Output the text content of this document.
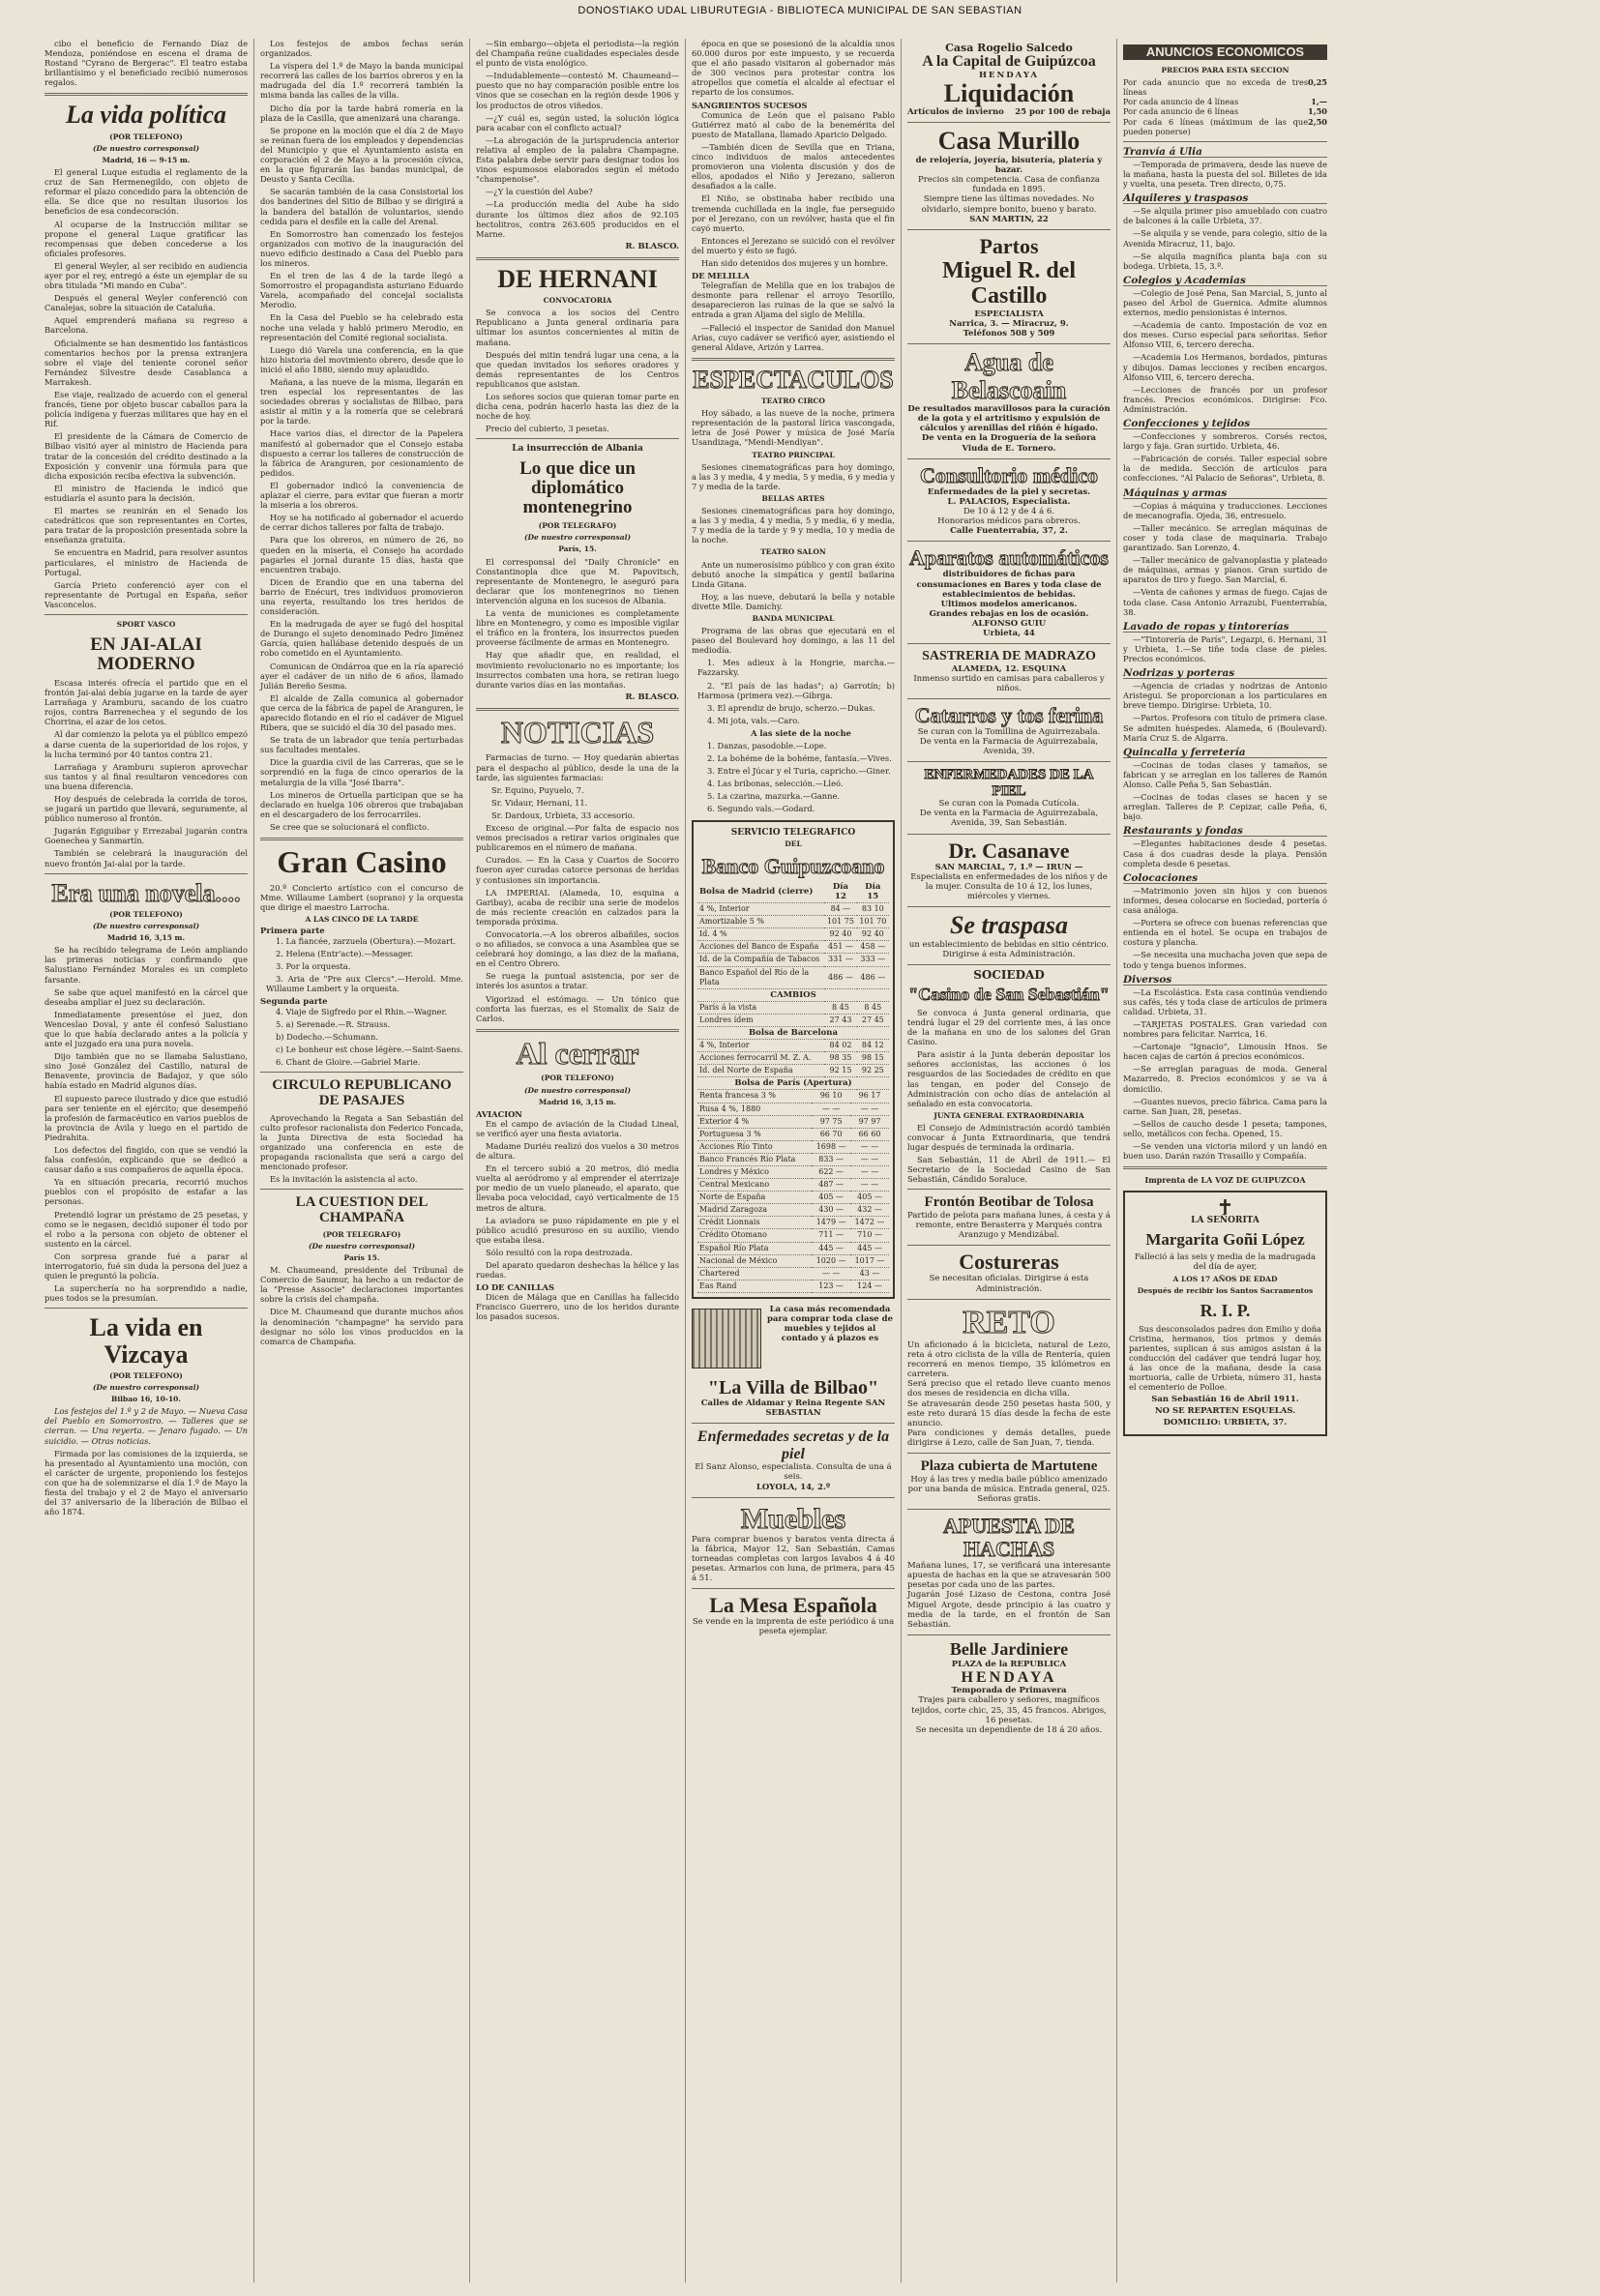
DONOSTIAKO UDAL LIBURUTEGIA - BIBLIOTECA MUNICIPAL DE SAN SEBASTIAN

cibo el beneficio de Fernando Díaz de Mendoza, poniéndose en escena el drama de Rostand "Cyrano de Bergerac". El teatro estaba brillantísimo y el beneficiado recibió numerosos regalos.

La vida política
(POR TELEFONO)
(De nuestro corresponsal)
Madrid, 16 — 9-15 m.

El general Luque estudia el reglamento de la cruz de San Hermenegildo, con objeto de reformar el plazo concedido para la obtención de ella. Se dice que no resultan ilusorios los beneficios de esa condecoración.

Al ocuparse de la Instrucción militar se propone el general Luque gratificar las recompensas que deben concederse a los oficiales profesores.

El general Weyler, al ser recibido en audiencia ayer por el rey, entregó a éste un ejemplar de su obra titulada "Mi mando en Cuba".

Después el general Weyler conferenció con Canalejas, sobre la situación de Cataluña.

Aquel emprenderá mañana su regreso a Barcelona.

Oficialmente se han desmentido los fantásticos comentarios hechos por la prensa extranjera sobre el viaje del teniente coronel señor Fernández Silvestre desde Casablanca a Marrakesh.

Ese viaje, realizado de acuerdo con el general francés, tiene por objeto buscar caballos para la policía indígena y fuerzas militares que hay en el Rif.

El presidente de la Cámara de Comercio de Bilbao visitó ayer al ministro de Hacienda para tratar de la concesión del crédito destinado a la Exposición y convenir una fórmula para que dicha exposición reciba efectiva la subvención.

El ministro de Hacienda le indicó que estudiaría el asunto para la decisión.

El martes se reunirán en el Senado los catedráticos que son representantes en Cortes, para tratar de la proposición presentada sobre la enseñanza gratuita.

Se encuentra en Madrid, para resolver asuntos particulares, el ministro de Hacienda de Portugal.

García Prieto conferenció ayer con el representante de Portugal en España, señor Vasconcelos.

SPORT VASCO
EN JAI-ALAI MODERNO

Escasa interés ofrecía el partido que en el frontón Jai-alai debía jugarse en la tarde de ayer Larrañaga y Aramburu, sacando de los cuatro rojos, contra Barrenechea y el segundo de los Chorrina, el azar de los cetos.

Al dar comienzo la pelota ya el público empezó a darse cuenta de la superioridad de los rojos, y la lucha terminó por 40 tantos contra 21.

Larrañaga y Aramburu supieron aprovechar sus tantos y al final resultaron vencedores con una buena diferencia.

Hoy después de celebrada la corrida de toros, se jugará un partido que llevará, seguramente, al público numeroso al frontón.

Jugarán Egiguibar y Errezabal jugarán contra Goenechea y Sanmartín.

También se celebrará la inauguración del nuevo frontón Jai-alai por la tarde.

Era una novela....
(POR TELEFONO)
(De nuestro corresponsal)
Madrid 16, 3,15 m.

Se ha recibido telegrama de León ampliando las primeras noticias y confirmando que Salustiano Fernández Morales es un completo farsante.

Se sabe que aquel manifestó en la cárcel que deseaba ampliar el juez su declaración.

Inmediatamente presentóse el juez, don Wenceslao Doval, y ante él confesó Salustiano que lo que había declarado antes a la policía y ante el juzgado era una pura novela.

Dijo también que no se llamaba Salustiano, sino José González del Castillo, natural de Benavente, provincia de Badajoz, y que sólo había estado en Madrid algunos días.

El supuesto parece ilustrado y dice que estudió para ser teniente en el ejército; que desempeñó la profesión de farmacéutico en varios pueblos de la provincia de Ávila y luego en el partido de Piedrahita.

Los defectos del fingido, con que se vendió la falsa confesión, explicando que se dedicó a causar daño a sus compañeros de aquella época.

Ya en situación precaria, recorrió muchos pueblos con el propósito de estafar a las personas.

Pretendió lograr un préstamo de 25 pesetas, y como se le negasen, decidió suponer él todo por el robo a la persona con objeto de obtener el sustento en la cárcel.

Con sorpresa grande fué a parar al interrogatorio, fué sin duda la persona del juez a quien le preguntó la policía.

La superchería no ha sorprendido a nadie, pues todos se la presumían.

La vida en Vizcaya
(POR TELEFONO)
(De nuestro corresponsal)
Bilbao 16, 10-10.

Los festejos del 1.º y 2 de Mayo. — Nueva Casa del Pueblo en Somorrostro. — Talleres que se cierran. — Una reyerta. — Jenaro fugado. — Un suicidio. — Otras noticias.

Firmada por las comisiones de la izquierda, se ha presentado al Ayuntamiento una moción, con el carácter de urgente, proponiendo los festejos con que ha de solemnizarse el día 1.º de Mayo la fiesta del trabajo y el 2 de Mayo el aniversario del 37 aniversario de la liberación de Bilbao el año 1874.

Los festejos de ambos fechas serán organizados.

La víspera del 1.º de Mayo la banda municipal recorrerá las calles de los barrios obreros y en la madrugada del día 1.º recorrerá también la misma banda las calles de la villa.

Dicho día por la tarde habrá romería en la plaza de la Casilla, que amenizará una charanga.

Se propone en la moción que el día 2 de Mayo se reúnan fuera de los empleados y dependencias del Municipio y que el Ayuntamiento asista en corporación el 2 de Mayo a la procesión cívica, en la que figurarán las bandas municipal, de Deusto y Santa Cecilia.

Se sacarán también de la casa Consistorial los dos banderines del Sitio de Bilbao y se dirigirá a la bandera del batallón de voluntarios, siendo cedida para el desfile en la calle del Arenal.

En Somorrostro han comenzado los festejos organizados con motivo de la inauguración del nuevo edificio destinado a Casa del Pueblo para los mineros.

En el tren de las 4 de la tarde llegó a Somorrostro el propagandista asturiano Eduardo Varela, acompañado del concejal socialista Merodio.

En la Casa del Pueblo se ha celebrado esta noche una velada y habló primero Merodio, en representación del Comité regional socialista.

Luego dió Varela una conferencia, en la que hizo historia del movimiento obrero, desde que lo inició el año 1880, siendo muy aplaudido.

Mañana, a las nueve de la misma, llegarán en tren especial los representantes de las sociedades obreras y socialistas de Bilbao, para asistir al mitin y a la romería que se celebrará por la tarde.

Hace varios días, el director de la Papelera manifestó al gobernador que el Consejo estaba dispuesto a cerrar los talleres de construcción de la fábrica de Aranguren, por cesionamiento de pedidos.

El gobernador indicó la conveniencia de aplazar el cierre, para evitar que fueran a morir la miseria a los obreros.

Hoy se ha notificado al gobernador el acuerdo de cerrar dichos talleres por falta de trabajo.

Para que los obreros, en número de 26, no queden en la miseria, el Consejo ha acordado pagarles el jornal durante 15 días, hasta que encuentren trabajo.

Dicen de Erandio que en una taberna del barrio de Enécuri, tres individuos promovieron una reyerta, resultando los tres heridos de consideración.

En la madrugada de ayer se fugó del hospital de Durango el sujeto denominado Pedro Jiménez García, quien hallábase detenido después de un robo cometido en el Ayuntamiento.

Comunican de Ondárroa que en la ría apareció ayer el cadáver de un niño de 6 años, llamado Julián Bereño Sesma.

El alcalde de Zalla comunica al gobernador que cerca de la fábrica de papel de Aranguren, le aparecido flotando en el río el cadáver de Miguel Ribera, que se suicidó el día 30 del pasado mes.

Se trata de un labrador que tenía perturbadas sus facultades mentales.

Dice la guardia civil de las Carreras, que se le sorprendió en la fuga de cinco operarios de la metalurgia de la villa "José Ibarra".

Los mineros de Ortuella participan que se ha declarado en huelga 106 obreros que trabajaban en el descargadero de los ferrocarriles.

Se cree que se solucionará el conflicto.

Gran Casino

20.º Concierto artístico con el concurso de Mme. Willaume Lambert (soprano) y la orquesta que dirige el maestro Larrocha.

A LAS CINCO DE LA TARDE
Primera parte

1. La fiancée, zarzuela (Obertura).—Mozart.

2. Helena (Entr'acte).—Messager.

3. Por la orquesta.

3. Aria de "Pre aux Clercs".—Herold. Mme. Willaume Lambert y la orquesta.

Segunda parte

4. Viaje de Sigfredo por el Rhin.—Wagner.

5. a) Serenade.—R. Strauss.

b) Dodecho.—Schumann.

c) Le bonheur est chose légère.—Saint-Saens.

6. Chant de Gloire.—Gabriel Marie.

CIRCULO REPUBLICANO DE PASAJES

Aprovechando la Regata a San Sebastián del culto profesor racionalista don Federico Foncada, la Junta Directiva de esta Sociedad ha organizado una conferencia en este de propaganda racionalista que será a cargo del mencionado profesor.

Es la invitación la asistencia al acto.

LA CUESTION DEL CHAMPAÑA
(POR TELEGRAFO)
(De nuestro corresponsal)
París 15.

M. Chaumeand, presidente del Tribunal de Comercio de Saumur, ha hecho a un redactor de la "Presse Associe" declaraciones importantes sobre la crisis del champaña.

Dice M. Chaumeand que durante muchos años la denominación "champagne" ha servido para designar no sólo los vinos producidos en la comarca de Champaña.

—Sin embargo—objeta el periodista—la región del Champaña reúne cualidades especiales desde el punto de vista enológico.

—Indudablemente—contestó M. Chaumeand—puesto que no hay comparación posible entre los vinos que se cosechan en la región desde 1906 y los productos de otros viñedos.

—¿Y cuál es, según usted, la solución lógica para acabar con el conflicto actual?

—La abrogación de la jurisprudencia anterior relativa al empleo de la palabra Champagne. Esta palabra debe servir para designar todos los vinos espumosos elaborados según el método "champenoise".

—¿Y la cuestión del Aube?

—La producción media del Aube ha sido durante los últimos diez años de 92.105 hectolitros, contra 263.605 producidos en el Marne.

R. BLASCO.
DE HERNANI
CONVOCATORIA

Se convoca a los socios del Centro Republicano a Junta general ordinaria para ultimar los asuntos concernientes al mitin de mañana.

Después del mitin tendrá lugar una cena, a la que quedan invitados los señores oradores y demás representantes de los Centros republicanos que asistan.

Los señores socios que quieran tomar parte en dicha cena, podrán hacerlo hasta las diez de la noche de hoy.

Precio del cubierto, 3 pesetas.

La insurrección de Albania
Lo que dice un diplomático montenegrino
(POR TELEGRAFO)
(De nuestro corresponsal)
París, 15.

El corresponsal del "Daily Chronicle" en Constantinopla dice que M. Papovitsch, representante de Montenegro, le aseguró para declarar que los montenegrinos no tienen intervención alguna en los sucesos de Albania.

La venta de municiones es completamente libre en Montenegro, y como es imposible vigilar el tráfico en la frontera, los insurrectos pueden proveerse fácilmente de armas en Montenegro.

Hay que añadir que, en realidad, el movimiento revolucionario no es importante; los insurrectos combaten una hora, se retiran luego durante varios días en las montañas.

R. BLASCO.
NOTICIAS

Farmacias de turno. — Hoy quedarán abiertas para el despacho al público, desde la una de la tarde, las siguientes farmacias:

Sr. Equino, Puyuelo, 7.

Sr. Vidaur, Hernani, 11.

Sr. Dardoux, Urbieta, 33 accesorio.

Exceso de original.—Por falta de espacio nos vemos precisados a retirar varios originales que publicaremos en el número de mañana.

Curados. — En la Casa y Cuartos de Socorro fueron ayer curadas catorce personas de heridas y contusiones sin importancia.

LA IMPERIAL (Alameda, 10, esquina a Garibay), acaba de recibir una serie de modelos de más reciente creación en calzados para la temporada próxima.

Convocatoria.—A los obreros albañiles, socios o no afiliados, se convoca a una Asamblea que se celebrará hoy domingo, a las diez de la mañana, en el Centro Obrero.

Se ruega la puntual asistencia, por ser de interés los asuntos a tratar.

Vigorizad el estómago. — Un tónico que conforta las fuerzas, es el Stomalix de Saiz de Carlos.

Al cerrar
(POR TELEFONO)
(De nuestro corresponsal)
Madrid 16, 3,15 m.
AVIACION

En el campo de aviación de la Ciudad Lineal, se verificó ayer una fiesta aviatoria.

Madame Duriéu realizó dos vuelos a 30 metros de altura.

En el tercero subió a 20 metros, dió media vuelta al aeródromo y al emprender el aterrizaje por medio de un vuelo planeado, el aparato, que llevaba poca velocidad, cayó verticalmente de 15 metros de altura.

La aviadora se puso rápidamente en pie y el público acudió presuroso en su auxilio, viendo que estaba ilesa.

Sólo resultó con la ropa destrozada.

Del aparato quedaron deshechas la hélice y las ruedas.

LO DE CANILLAS

Dicen de Málaga que en Canillas ha fallecido Francisco Guerrero, uno de los heridos durante los pasados sucesos.

época en que se posesionó de la alcaldía unos 60.000 duros por este impuesto, y se recuerda que el año pasado visitaron al gobernador más de 300 vecinos para protestar contra los atropellos que cometía el alcalde al efectuar el reparto de los consumos.

SANGRIENTOS SUCESOS

Comunica de León que el paisano Pablo Gutiérrez mató al cabo de la benemérita del puesto de Matallana, llamado Aparicio Delgado.

—También dicen de Sevilla que en Triana, cinco individuos de malos antecedentes promovieron una violenta discusión y dos de ellos, apodados el Niño y Jerezano, salieron desafiados a la calle.

El Niño, se obstinaba haber recibido una tremenda cuchillada en la ingle, fue perseguido por el Jerezano, con un revólver, hasta que el fin cayó muerto.

Entonces el Jerezano se suicidó con el revólver del muerto y ésto se fugó.

Han sido detenidos dos mujeres y un hombre.

DE MELILLA

Telegrafían de Melilla que en los trabajos de desmonte para rellenar el arroyo Tesorillo, desaparecieron las ruinas de la que se salvó la entrada a gran Aljama del siglo de Melilla.

—Falleció el inspector de Sanidad don Manuel Arias, cuyo cadáver se verificó ayer, asistiendo el general Aldave, Arizón y Larrea.

ESPECTACULOS
TEATRO CIRCO

Hoy sábado, a las nueve de la noche, primera representación de la pastoral lírica vascongada, letra de José Power y música de José María Usandizaga, "Mendi-Mendiyan".

TEATRO PRINCIPAL

Sesiones cinematográficas para hoy domingo, a las 3 y media, 4 y media, 5 y media, 6 y media y 7 y media de la tarde.

BELLAS ARTES

Sesiones cinematográficas para hoy domingo, a las 3 y media, 4 y media, 5 y media, 6 y media, 7 y media de la tarde y 9 y media, 10 y media de la noche.

TEATRO SALON

Ante un numerosísimo público y con gran éxito debutó anoche la simpática y gentil bailarina Linda Gitana.

Hoy, a las nueve, debutará la bella y notable divette Mlle. Damichy.

BANDA MUNICIPAL

Programa de las obras que ejecutará en el paseo del Boulevard hoy domingo, a las 11 del mediodía.

1. Mes adieux à la Hongrie, marcha.—Fazzarsky.

2. "El país de las hadas"; a) Garrotín; b) Harmosa (primera vez).—Gibrga.

3. El aprendiz de brujo, scherzo.—Dukas.

4. Mi jota, vals.—Caro.

A las siete de la noche

1. Danzas, pasodoble.—Lope.

2. La bohéme de la bohéme, fantasía.—Vives.

3. Entre el Júcar y el Turia, capricho.—Giner.

4. Las bribonas, selección.—Lleó.

5. La czarina, mazurka.—Ganne.

6. Segundo vals.—Godard.

SERVICIO TELEGRAFICO
DEL
Banco Guipuzcoano
Bolsa de Madrid (cierre)	Día 12	Día 15
4 %, Interior	84 —	83 10
Amortizable 5 %	101 75	101 70
Id. 4 %	92 40	92 40
Acciones del Banco de España	451 —	458 —
Id. de la Compañía de Tabacos	331 —	333 —
Banco Español del Río de la Plata	486 —	486 —
CAMBIOS		
París á la vista	8 45	8 45
Londres ídem	27 43	27 45
Bolsa de Barcelona		
4 %, Interior	84 02	84 12
Acciones ferrocarril M. Z. A.	98 35	98 15
Id. del Norte de España	92 15	92 25
Bolsa de París (Apertura)		
Renta francesa 3 %	96 10	96 17
Rusa 4 %, 1880	— —	— —
Exterior 4 %	97 75	97 97
Portuguesa 3 %	66 70	66 60
Acciones Río Tinto	1698 —	— —
Banco Francés Río Plata	833 —	— —
Londres y México	622 —	— —
Central Mexicano	487 —	— —
Norte de España	405 —	405 —
Madrid Zaragoza	430 —	432 —
Crédit Lionnais	1479 —	1472 —
Crédito Otomano	711 —	710 —
Español Río Plata	445 —	445 —
Nacional de México	1020 —	1017 —
Chartered	— —	43 —
Eas Rand	123 —	124 —
La casa más recomendada para comprar toda clase de muebles y tejidos al contado y á plazos es
"La Villa de Bilbao"
Calles de Aldamar y Reina Regente SAN SEBASTIAN
Enfermedades secretas y de la piel
El Sanz Alonso, especialista. Consulta de una á seis.
LOYOLA, 14, 2.º
Muebles
Para comprar buenos y baratos venta directa á la fábrica, Mayor 12, San Sebastián. Camas torneadas completas con largos lavabos 4 á 40 pesetas. Armarios con luna, de primera, para 45 á 51.
La Mesa Española
Se vende en la imprenta de este periódico á una peseta ejemplar.
Casa Rogelio Salcedo
A la Capital de Guipúzcoa
HENDAYA
Liquidación
Artículos de invierno 25 por 100 de rebaja
Casa Murillo
de relojería, joyería, bisutería, platería y bazar.
Precios sin competencia. Casa de confianza fundada en 1895.
Siempre tiene las últimas novedades. No olvidarlo, siempre bonito, bueno y barato.
SAN MARTIN, 22
Partos
Miguel R. del Castillo
ESPECIALISTA
Narrica, 3. — Miracruz, 9.
Teléfonos 508 y 509
Agua de Belascoain
De resultados maravillosos para la curación de la gota y el artritismo y expulsión de cálculos y arenillas del riñón é hígado.
De venta en la Droguería de la señora Viuda de E. Tornero.
Consultorio médico
Enfermedades de la piel y secretas.
L. PALACIOS, Especialista.
De 10 á 12 y de 4 á 6.
Honorarios médicos para obreros.
Calle Fuenterrabía, 37, 2.
Aparatos automáticos
distribuidores de fichas para consumaciones en Bares y toda clase de establecimientos de bebidas.
Ultimos modelos americanos.
Grandes rebajas en los de ocasión.
ALFONSO GUIU
Urbieta, 44
SASTRERIA DE MADRAZO
ALAMEDA, 12. ESQUINA
Inmenso surtido en camisas para caballeros y niños.
Catarros y tos ferina
Se curan con la Tomillina de Aguirrezabala.
De venta en la Farmacia de Aguirrezabala, Avenida, 39.
ENFERMEDADES DE LA PIEL
Se curan con la Pomada Cutícola.
De venta en la Farmacia de Aguirrezabala, Avenida, 39, San Sebastián.
Dr. Casanave
SAN MARCIAL, 7, 1.º — IRUN —
Especialista en enfermedades de los niños y de la mujer. Consulta de 10 á 12, los lunes, miércoles y viernes.
Se traspasa
un establecimiento de bebidas en sitio céntrico. Dirigirse á esta Administración.
SOCIEDAD
"Casino de San Sebastián"

Se convoca á Junta general ordinaria, que tendrá lugar el 29 del corriente mes, á las once de la mañana en uno de los salones del Gran Casino.

Para asistir á la Junta deberán depositar los señores accionistas, las acciones ó los resguardos de las Sociedades de crédito en que las tengan, en poder del Consejo de Administración con ocho días de antelación al señalado en esta convocatoria.

JUNTA GENERAL EXTRAORDINARIA

El Consejo de Administración acordó también convocar á Junta Extraordinaria, que tendrá lugar después de terminada la ordinaria.

San Sebastián, 11 de Abril de 1911.— El Secretario de la Sociedad Casino de San Sebastián, Cándido Soraluce.

Frontón Beotibar de Tolosa
Partido de pelota para mañana lunes, á cesta y á remonte, entre Berasterra y Marqués contra Aranzugo y Mendizábal.
Costureras
Se necesitan oficialas. Dirigirse á esta Administración.
RETO
Un aficionado á la bicicleta, natural de Lezo, reta á otro ciclista de la villa de Rentería, quien recorrerá en menos tiempo, 35 kilómetros en carretera.
Será preciso que el retado lleve cuanto menos dos meses de residencia en dicha villa.
Se atravesarán desde 250 pesetas hasta 500, y este reto durará 15 días desde la fecha de este anuncio.
Para condiciones y demás detalles, puede dirigirse á Lezo, calle de San Juan, 7, tienda.
Plaza cubierta de Martutene
Hoy á las tres y media baile público amenizado por una banda de música. Entrada general, 025. Señoras gratis.
APUESTA DE HACHAS
Mañana lunes, 17, se verificará una interesante apuesta de hachas en la que se atravesarán 500 pesetas por cada uno de las partes.
Jugarán José Lizaso de Cestona, contra José Miguel Argote, desde principio á las cuatro y media de la tarde, en el frontón de San Sebastián.
Belle Jardiniere
PLAZA de la REPUBLICA
HENDAYA
Temporada de Primavera
Trajes para caballero y señores, magníficos tejidos, corte chic, 25, 35, 45 francos. Abrigos, 16 pesetas.
Se necesita un dependiente de 18 á 20 años.
ANUNCIOS ECONOMICOS
PRECIOS PARA ESTA SECCION
Por cada anuncio que no exceda de tres líneas
0,25
Por cada anuncio de 4 líneas	1,—
Por cada anuncio de 6 líneas	1,50
Por cada 6 líneas (máximum de las que pueden ponerse)
2,50
Tranvía á Ulia

—Temporada de primavera, desde las nueve de la mañana, hasta la puesta del sol. Billetes de ida y vuelta, una peseta. Tren directo, 0,75.

Alquileres y traspasos

—Se alquila primer piso amueblado con cuatro de balcones á la calle Urbieta, 37.

—Se alquila y se vende, para colegio, sitio de la Avenida Miracruz, 11, bajo.

—Se alquila magnífica planta baja con su bodega. Urbieta, 15, 3.º.

Colegios y Academias

—Colegio de José Pena, San Marcial, 5, junto al paseo del Árbol de Guernica. Admite alumnos externos, medio pensionistas é internos.

—Academia de canto. Impostación de voz en dos meses. Curso especial para señoritas. Señor Alfonso VIII, 6, tercero derecha.

—Academia Los Hermanos, bordados, pinturas y dibujos. Damas lecciones y reciben encargos. Alfonso VIII, 6, tercero derecha.

—Lecciones de francés por un profesor francés. Precios económicos. Dirigirse: Fco. Administración.

Confecciones y tejidos

—Confecciones y sombreros. Corsés rectos, largo y faja. Gran surtido. Urbieta, 46.

—Fabricación de corsés. Taller especial sobre la de medida. Sección de artículos para confecciones. "Al Palacio de Señoras", Urbieta, 8.

Máquinas y armas

—Copias á máquina y traducciones. Lecciones de mecanografía. Ojeda, 36, entresuelo.

—Taller mecánico. Se arreglan máquinas de coser y toda clase de maquinaria. Trabajo garantizado. San Lorenzo, 4.

—Taller mecánico de galvanoplastia y plateado de máquinas, armas y pianos. Gran surtido de aparatos de tiro y fuego. San Marcial, 6.

—Venta de cañones y armas de fuego. Cajas de toda clase. Casa Antonio Arrazubi, Fuenterrabía, 38.

Lavado de ropas y tintorerías

—"Tintorería de París", Legazpi, 6. Hernani, 31 y Urbieta, 1.—Se tiñe toda clase de pieles. Precios económicos.

Nodrizas y porteras

—Agencia de criadas y nodrizas de Antonio Aristegui. Se proporcionan a los particulares en breve tiempo. Dirigirse: Urbieta, 10.

—Partos. Profesora con título de primera clase. Se admiten huéspedes. Alameda, 6 (Boulevard). María Cruz S. de Algarra.

Quincalla y ferretería

—Cocinas de todas clases y tamaños, se fabrican y se arreglan en los talleres de Ramón Alonso. Calle Peña 5, San Sebastián.

—Cocinas de todas clases se hacen y se arreglan. Talleres de P. Cepizar, calle Peña, 6, bajo.

Restaurants y fondas

—Elegantes habitaciones desde 4 pesetas. Casa á dos cuadras desde la playa. Pensión completa desde 6 pesetas.

Colocaciones

—Matrimonio joven sin hijos y con buenos informes, desea colocarse en Sociedad, portería ó casa análoga.

—Portera se ofrece con buenas referencias que entienda en el hotel. Se ocupa en trabajos de costura y plancha.

—Se necesita una muchacha joven que sepa de todo y tenga buenos informes.

Diversos

—La Escolástica. Esta casa continúa vendiendo sus cafés, tés y toda clase de artículos de primera calidad. Urbieta, 31.

—TARJETAS POSTALES. Gran variedad con nombres para felicitar. Narrica, 16.

—Cartonaje "Ignacio", Limousín Hnos. Se hacen cajas de cartón á precios económicos.

—Se arreglan paraguas de moda. General Mazarredo, 8. Precios económicos y se va á domicilio.

—Guantes nuevos, precio fábrica. Cama para la carne. San Juan, 28, pesetas.

—Sellos de caucho desde 1 peseta; tampones, sello, metálicos con fecha. Opened, 15.

—Se venden una victoria milord y un landó en buen uso. Darán razón Trasaillo y Compañía.

Imprenta de LA VOZ DE GUIPUZCOA
✝
LA SEÑORITA
Margarita Goñi López
Falleció á las seis y media de la madrugada del día de ayer,
A LOS 17 AÑOS DE EDAD
Después de recibir los Santos Sacramentos
R. I. P.

Sus desconsolados padres don Emilio y doña Cristina, hermanos, tíos primos y demás parientes, suplican á sus amigos asistan á la conducción del cadáver que tendrá lugar hoy, á las once de la mañana, desde la casa mortuoria, calle de Urbieta, número 31, hasta el cementerio de Polloe.

San Sebastián 16 de Abril 1911.
NO SE REPARTEN ESQUELAS.
DOMICILIO: URBIETA, 37.
